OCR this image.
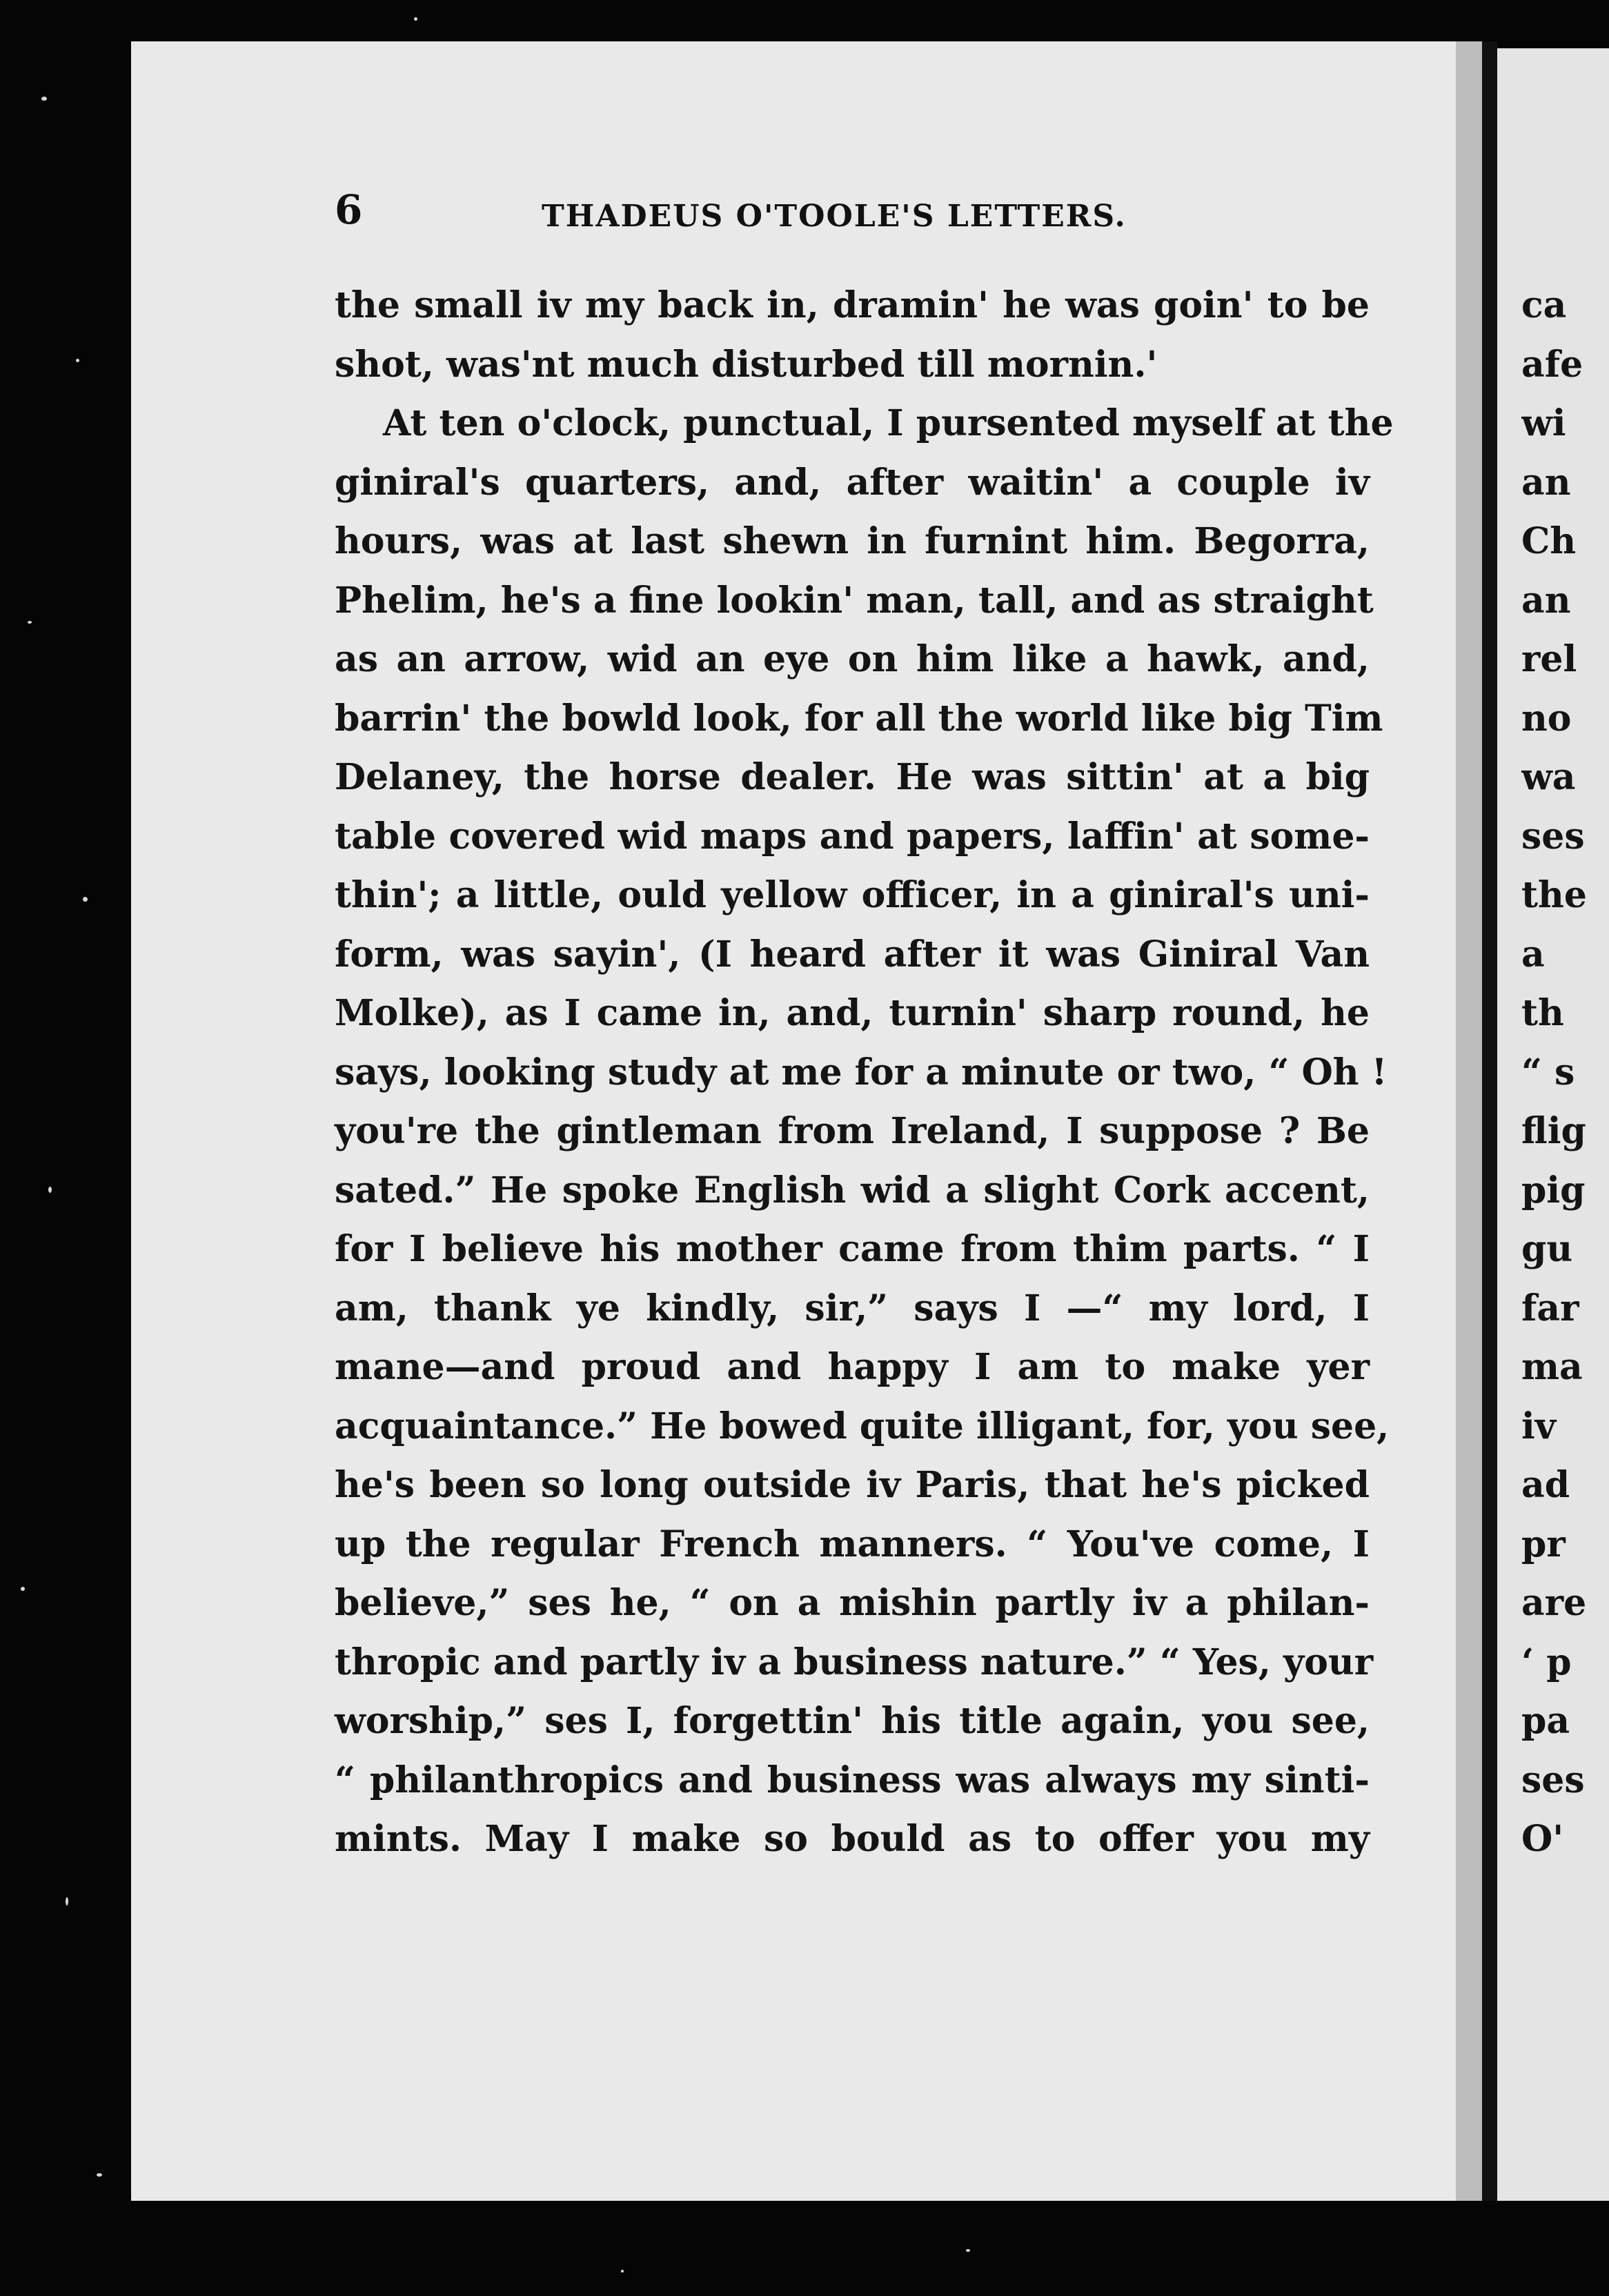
6	THADEUS O'TOOLE'S LETTERS.
the small iv my back in, dramin' he was goin' to be
shot, was'nt much disturbed till mornin.'
At ten o'clock, punctual, I pursented myself at the
giniral's quarters, and, after waitin' a couple iv
hours, was at last shewn in furnint him. Begorra,
Phelim, he's a fine lookin' man, tall, and as straight
as an arrow, wid an eye on him like a hawk, and,
barrin' the bowld look, for all the world like big Tim
Delaney, the horse dealer. He was sittin' at a big
table covered wid maps and papers, laffin' at some-
thin'; a little, ould yellow officer, in a giniral's uni-
form, was sayin', (I heard after it was Giniral Van
Molke), as I came in, and, turnin' sharp round, he
says, looking study at me for a minute or two, “ Oh !
you're the gintleman from Ireland, I suppose ? Be
sated.” He spoke English wid a slight Cork accent,
for I believe his mother came from thim parts. “ I
am, thank ye kindly, sir,” says I —“ my lord, I
mane—and proud and happy I am to make yer
acquaintance.” He bowed quite illigant, for, you see,
he's been so long outside iv Paris, that he's picked
up the regular French manners. “ You've come, I
believe,” ses he, “ on a mishin partly iv a philan-
thropic and partly iv a business nature.” “ Yes, your
worship,” ses I, forgettin' his title again, you see,
“ philanthropics and business was always my sinti-
mints. May I make so bould as to offer you my
ca
afe
wi
an
Ch
an
rel
no
wa
ses
the
a
th
“ s
flig
pig
gu
far
ma
iv
ad
pr
are
‘ p
pa
ses
O'
